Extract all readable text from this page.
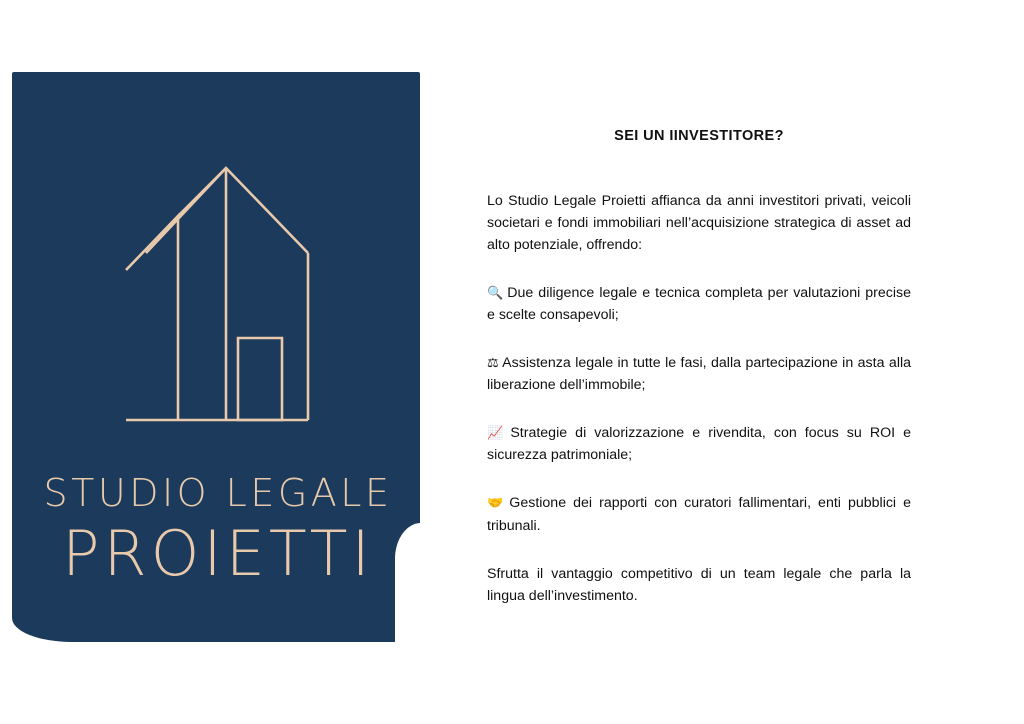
STUDIO LEGALE
PROIETTI
SEI UN IINVESTITORE?

Lo Studio Legale Proietti affianca da anni investitori privati, veicoli societari e fondi immobiliari nell’acquisizione strategica di asset ad alto potenziale, offrendo:

🔍 Due diligence legale e tecnica completa per valutazioni precise e scelte consapevoli;

⚖ Assistenza legale in tutte le fasi, dalla partecipazione in asta alla liberazione dell’immobile;

📈 Strategie di valorizzazione e rivendita, con focus su ROI e sicurezza patrimoniale;

🤝 Gestione dei rapporti con curatori fallimentari, enti pubblici e tribunali.

Sfrutta il vantaggio competitivo di un team legale che parla la lingua dell’investimento.
